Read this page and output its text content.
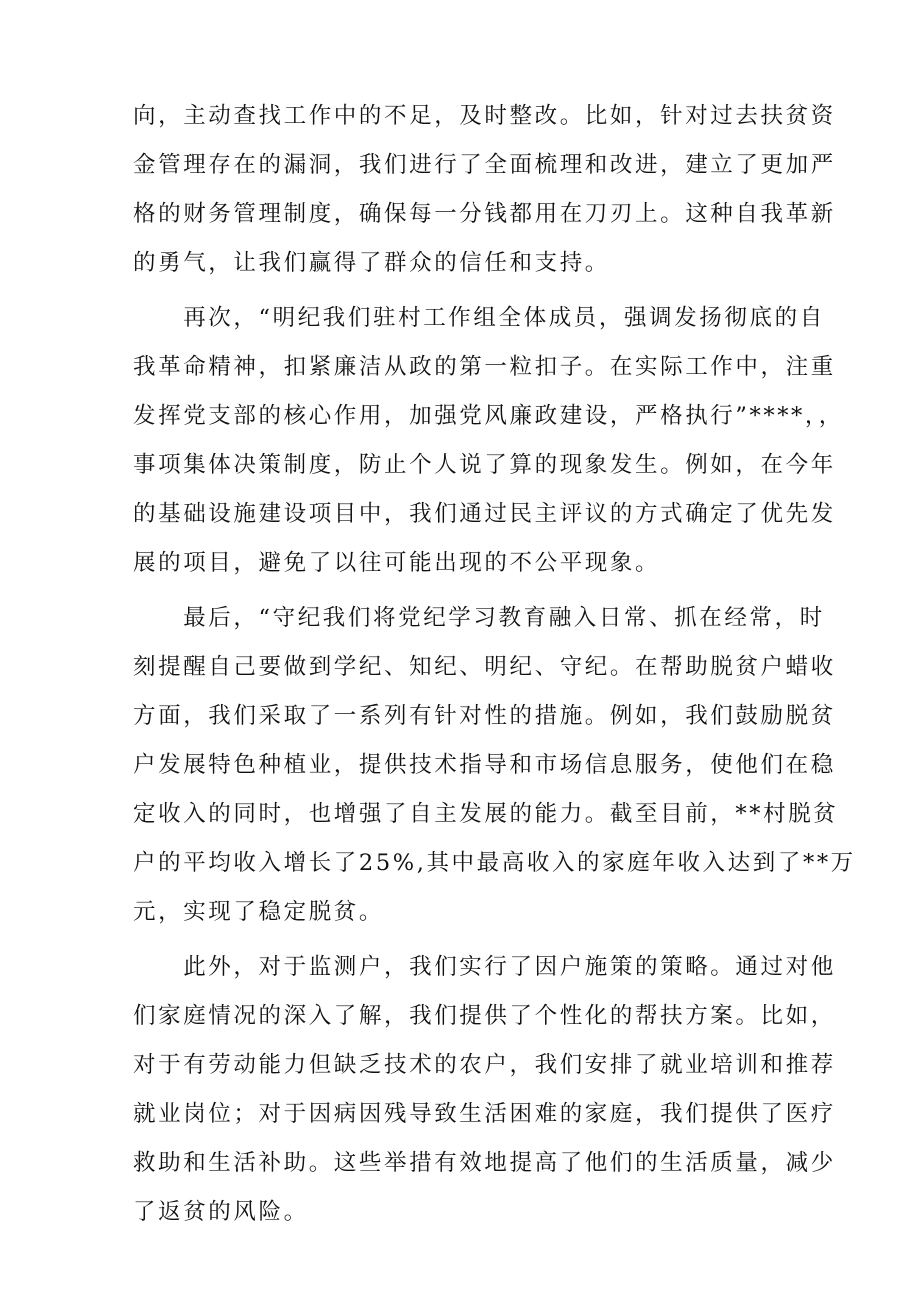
向，主动查找工作中的不足，及时整改。比如，针对过去扶贫资
金管理存在的漏洞，我们进行了全面梳理和改进，建立了更加严
格的财务管理制度，确保每一分钱都用在刀刃上。这种自我革新
的勇气，让我们赢得了群众的信任和支持。
　　再次，“明纪我们驻村工作组全体成员，强调发扬彻底的自
我革命精神，扣紧廉洁从政的第一粒扣子。在实际工作中，注重
发挥党支部的核心作用，加强党风廉政建设，严格执行”****，，
事项集体决策制度，防止个人说了算的现象发生。例如，在今年
的基础设施建设项目中，我们通过民主评议的方式确定了优先发
展的项目，避免了以往可能出现的不公平现象。
　　最后，“守纪我们将党纪学习教育融入日常、抓在经常，时
刻提醒自己要做到学纪、知纪、明纪、守纪。在帮助脱贫户蜡收
方面，我们采取了一系列有针对性的措施。例如，我们鼓励脱贫
户发展特色种植业，提供技术指导和市场信息服务，使他们在稳
定收入的同时，也增强了自主发展的能力。截至目前，**村脱贫
户的平均收入增长了25%,其中最高收入的家庭年收入达到了**万
元，实现了稳定脱贫。
　　此外，对于监测户，我们实行了因户施策的策略。通过对他
们家庭情况的深入了解，我们提供了个性化的帮扶方案。比如，
对于有劳动能力但缺乏技术的农户，我们安排了就业培训和推荐
就业岗位；对于因病因残导致生活困难的家庭，我们提供了医疗
救助和生活补助。这些举措有效地提高了他们的生活质量，减少
了返贫的风险。
